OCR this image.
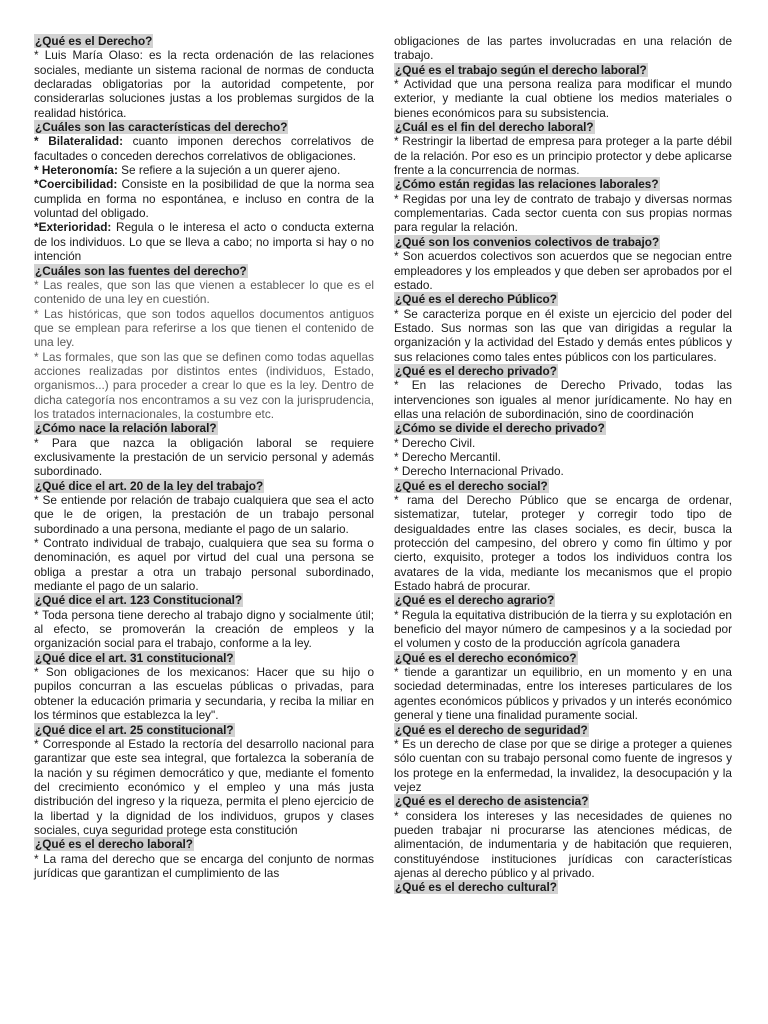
¿Qué es el Derecho?
* Luis María Olaso: es la recta ordenación de las relaciones sociales, mediante un sistema racional de normas de conducta declaradas obligatorias por la autoridad competente, por considerarlas soluciones justas a los problemas surgidos de la realidad histórica.
¿Cuáles son las características del derecho?
* Bilateralidad: cuanto imponen derechos correlativos de facultades o conceden derechos correlativos de obligaciones.
* Heteronomía: Se refiere a la sujeción a un querer ajeno.
*Coercibilidad: Consiste en la posibilidad de que la norma sea cumplida en forma no espontánea, e incluso en contra de la voluntad del obligado.
*Exterioridad: Regula o le interesa el acto o conducta externa de los individuos. Lo que se lleva a cabo; no importa si hay o no intención
¿Cuáles son las fuentes del derecho?
* Las reales, que son las que vienen a establecer lo que es el contenido de una ley en cuestión.
* Las históricas, que son todos aquellos documentos antiguos que se emplean para referirse a los que tienen el contenido de una ley.
* Las formales, que son las que se definen como todas aquellas acciones realizadas por distintos entes (individuos, Estado, organismos...) para proceder a crear lo que es la ley. Dentro de dicha categoría nos encontramos a su vez con la jurisprudencia, los tratados internacionales, la costumbre etc.
¿Cómo nace la relación laboral?
* Para que nazca la obligación laboral se requiere exclusivamente la prestación de un servicio personal y además subordinado.
¿Qué dice el art. 20 de la ley del trabajo?
* Se entiende por relación de trabajo cualquiera que sea el acto que le de origen, la prestación de un trabajo personal subordinado a una persona, mediante el pago de un salario.
* Contrato individual de trabajo, cualquiera que sea su forma o denominación, es aquel por virtud del cual una persona se obliga a prestar a otra un trabajo personal subordinado, mediante el pago de un salario.
¿Qué dice el art. 123 Constitucional?
* Toda persona tiene derecho al trabajo digno y socialmente útil; al efecto, se promoverán la creación de empleos y la organización social para el trabajo, conforme a la ley.
¿Qué dice el art. 31 constitucional?
* Son obligaciones de los mexicanos: Hacer que su hijo o pupilos concurran a las escuelas públicas o privadas, para obtener la educación primaria y secundaria, y reciba la miliar en los términos que establezca la ley".
¿Qué dice el art. 25 constitucional?
* Corresponde al Estado la rectoría del desarrollo nacional para garantizar que este sea integral, que fortalezca la soberanía de la nación y su régimen democrático y que, mediante el fomento del crecimiento económico y el empleo y una más justa distribución del ingreso y la riqueza, permita el pleno ejercicio de la libertad y la dignidad de los individuos, grupos y clases sociales, cuya seguridad protege esta constitución
¿Qué es el derecho laboral?
* La rama del derecho que se encarga del conjunto de normas jurídicas que garantizan el cumplimiento de las
obligaciones de las partes involucradas en una relación de trabajo.
¿Qué es el trabajo según el derecho laboral?
* Actividad que una persona realiza para modificar el mundo exterior, y mediante la cual obtiene los medios materiales o bienes económicos para su subsistencia.
¿Cuál es el fin del derecho laboral?
* Restringir la libertad de empresa para proteger a la parte débil de la relación. Por eso es un principio protector y debe aplicarse frente a la concurrencia de normas.
¿Cómo están regidas las relaciones laborales?
* Regidas por una ley de contrato de trabajo y diversas normas complementarias. Cada sector cuenta con sus propias normas para regular la relación.
¿Qué son los convenios colectivos de trabajo?
* Son acuerdos colectivos son acuerdos que se negocian entre empleadores y los empleados y que deben ser aprobados por el estado.
¿Qué es el derecho Público?
* Se caracteriza porque en él existe un ejercicio del poder del Estado. Sus normas son las que van dirigidas a regular la organización y la actividad del Estado y demás entes públicos y sus relaciones como tales entes públicos con los particulares.
¿Qué es el derecho privado?
* En las relaciones de Derecho Privado, todas las intervenciones son iguales al menor jurídicamente. No hay en ellas una relación de subordinación, sino de coordinación
¿Cómo se divide el derecho privado?
* Derecho Civil.
* Derecho Mercantil.
* Derecho Internacional Privado.
¿Qué es el derecho social?
* rama del Derecho Público que se encarga de ordenar, sistematizar, tutelar, proteger y corregir todo tipo de desigualdades entre las clases sociales, es decir, busca la protección del campesino, del obrero y como fin último y por cierto, exquisito, proteger a todos los individuos contra los avatares de la vida, mediante los mecanismos que el propio Estado habrá de procurar.
¿Qué es el derecho agrario?
* Regula la equitativa distribución de la tierra y su explotación en beneficio del mayor número de campesinos y a la sociedad por el volumen y costo de la producción agrícola ganadera
¿Qué es el derecho económico?
* tiende a garantizar un equilibrio, en un momento y en una sociedad determinadas, entre los intereses particulares de los agentes económicos públicos y privados y un interés económico general y tiene una finalidad puramente social.
¿Qué es el derecho de seguridad?
* Es un derecho de clase por que se dirige a proteger a quienes sólo cuentan con su trabajo personal como fuente de ingresos y los protege en la enfermedad, la invalidez, la desocupación y la vejez
¿Qué es el derecho de asistencia?
* considera los intereses y las necesidades de quienes no pueden trabajar ni procurarse las atenciones médicas, de alimentación, de indumentaria y de habitación que requieren, constituyéndose instituciones jurídicas con características ajenas al derecho público y al privado.
¿Qué es el derecho cultural?
